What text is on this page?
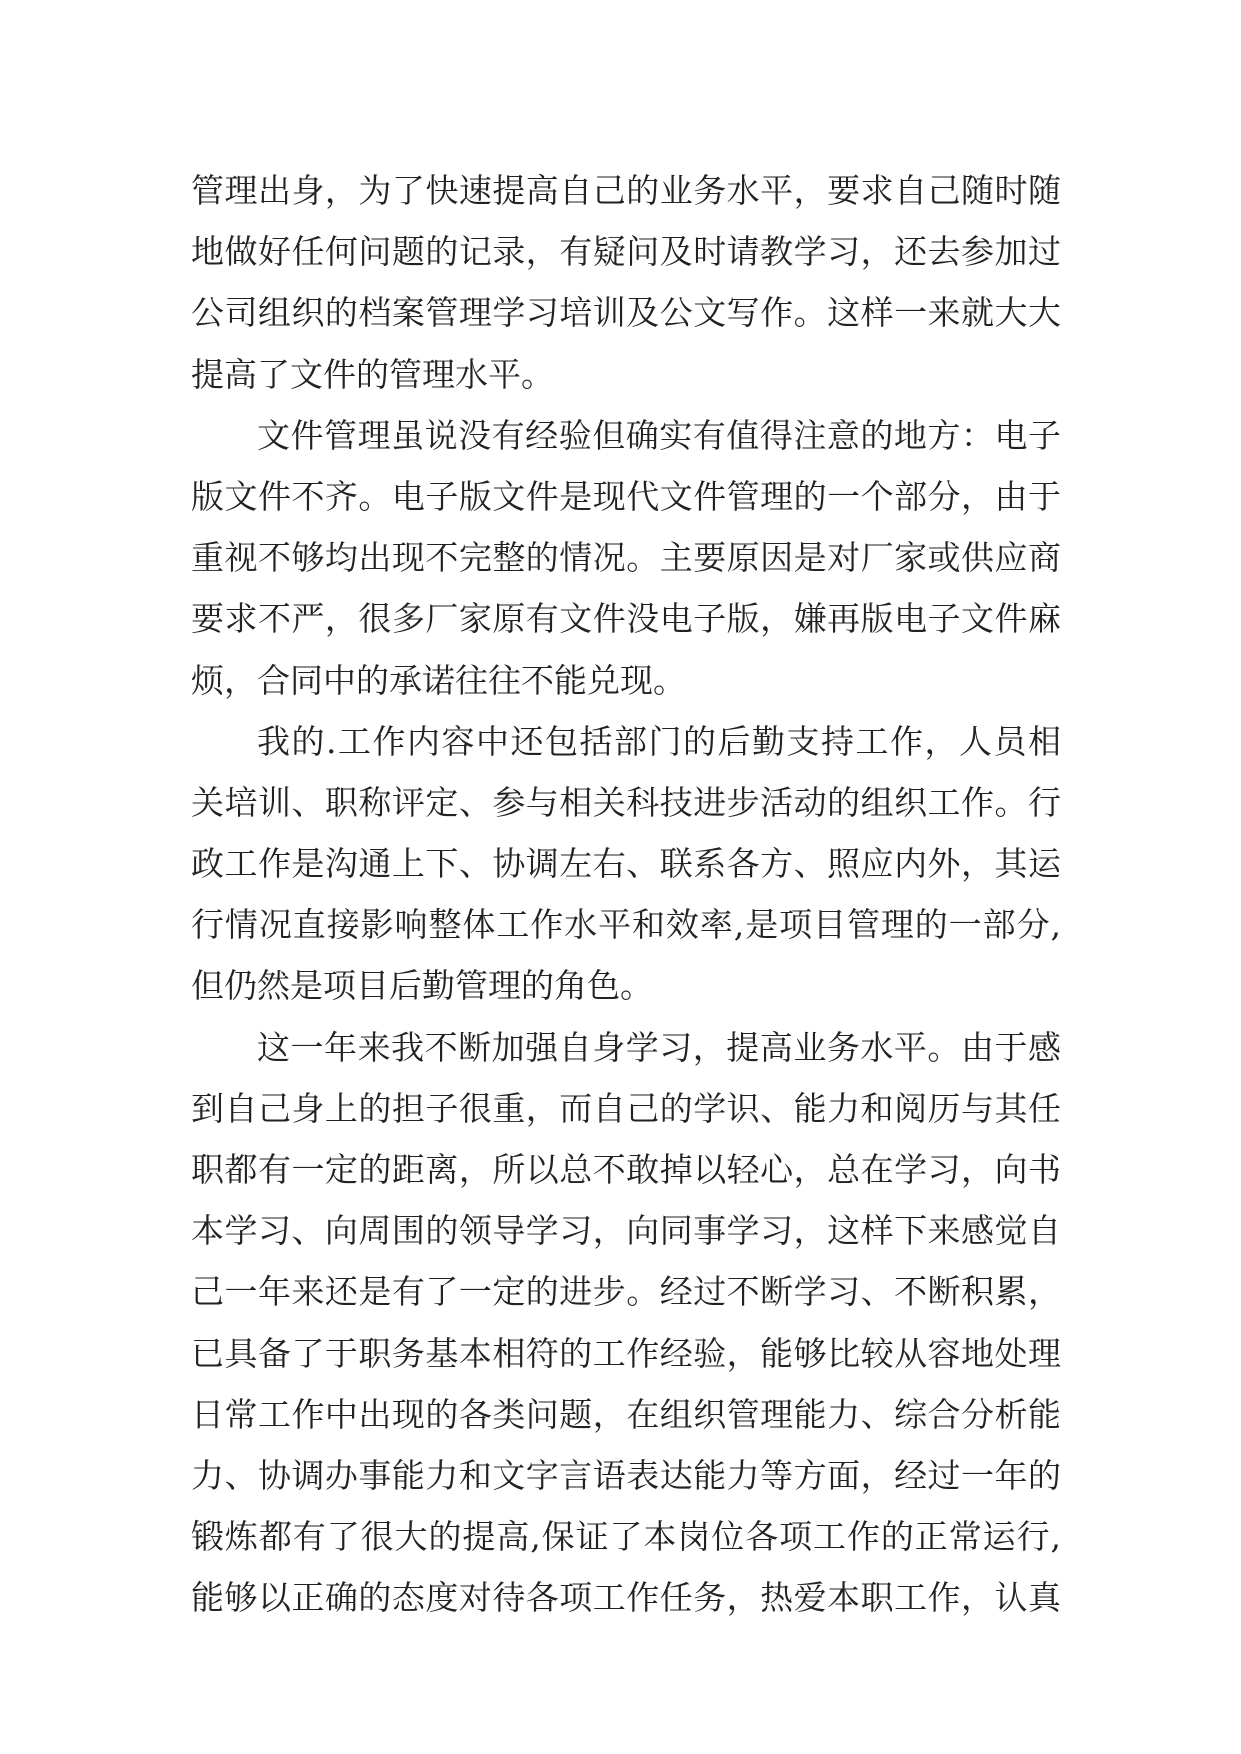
管理出身，为了快速提高自己的业务水平，要求自己随时随
地做好任何问题的记录，有疑问及时请教学习，还去参加过
公司组织的档案管理学习培训及公文写作。这样一来就大大
提高了文件的管理水平。
文件管理虽说没有经验但确实有值得注意的地方：电子
版文件不齐。电子版文件是现代文件管理的一个部分，由于
重视不够均出现不完整的情况。主要原因是对厂家或供应商
要求不严，很多厂家原有文件没电子版，嫌再版电子文件麻
烦，合同中的承诺往往不能兑现。
我的.工作内容中还包括部门的后勤支持工作，人员相
关培训、职称评定、参与相关科技进步活动的组织工作。行
政工作是沟通上下、协调左右、联系各方、照应内外，其运
行情况直接影响整体工作水平和效率,是项目管理的一部分,
但仍然是项目后勤管理的角色。
这一年来我不断加强自身学习，提高业务水平。由于感
到自己身上的担子很重，而自己的学识、能力和阅历与其任
职都有一定的距离，所以总不敢掉以轻心，总在学习，向书
本学习、向周围的领导学习，向同事学习，这样下来感觉自
己一年来还是有了一定的进步。经过不断学习、不断积累，
已具备了于职务基本相符的工作经验，能够比较从容地处理
日常工作中出现的各类问题，在组织管理能力、综合分析能
力、协调办事能力和文字言语表达能力等方面，经过一年的
锻炼都有了很大的提高,保证了本岗位各项工作的正常运行,
能够以正确的态度对待各项工作任务，热爱本职工作，认真
